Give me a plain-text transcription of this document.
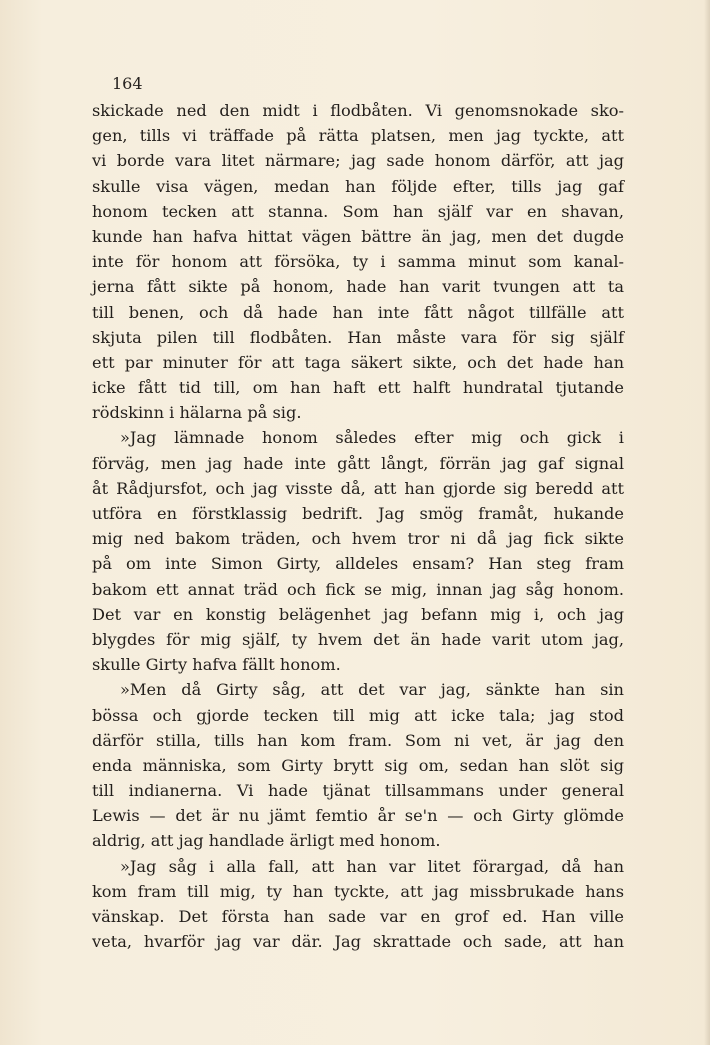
164

skickade ned den midt i flodbåten. Vi genomsnokade sko-
gen, tills vi träffade på rätta platsen, men jag tyckte, att
vi borde vara litet närmare; jag sade honom därför, att jag
skulle visa vägen, medan han följde efter, tills jag gaf
honom tecken att stanna. Som han själf var en shavan,
kunde han hafva hittat vägen bättre än jag, men det dugde
inte för honom att försöka, ty i samma minut som kanal-
jerna fått sikte på honom, hade han varit tvungen att ta
till benen, och då hade han inte fått något tillfälle att
skjuta pilen till flodbåten. Han måste vara för sig själf
ett par minuter för att taga säkert sikte, och det hade han
icke fått tid till, om han haft ett halft hundratal tjutande
rödskinn i hälarna på sig.
»Jag lämnade honom således efter mig och gick i
förväg, men jag hade inte gått långt, förrän jag gaf signal
åt Rådjursfot, och jag visste då, att han gjorde sig beredd att
utföra en förstklassig bedrift. Jag smög framåt, hukande
mig ned bakom träden, och hvem tror ni då jag fick sikte
på om inte Simon Girty, alldeles ensam? Han steg fram
bakom ett annat träd och fick se mig, innan jag såg honom.
Det var en konstig belägenhet jag befann mig i, och jag
blygdes för mig själf, ty hvem det än hade varit utom jag,
skulle Girty hafva fällt honom.
»Men då Girty såg, att det var jag, sänkte han sin
bössa och gjorde tecken till mig att icke tala; jag stod
därför stilla, tills han kom fram. Som ni vet, är jag den
enda människa, som Girty brytt sig om, sedan han slöt sig
till indianerna. Vi hade tjänat tillsammans under general
Lewis — det är nu jämt femtio år se'n — och Girty glömde
aldrig, att jag handlade ärligt med honom.
»Jag såg i alla fall, att han var litet förargad, då han
kom fram till mig, ty han tyckte, att jag missbrukade hans
vänskap. Det första han sade var en grof ed. Han ville
veta, hvarför jag var där. Jag skrattade och sade, att han
